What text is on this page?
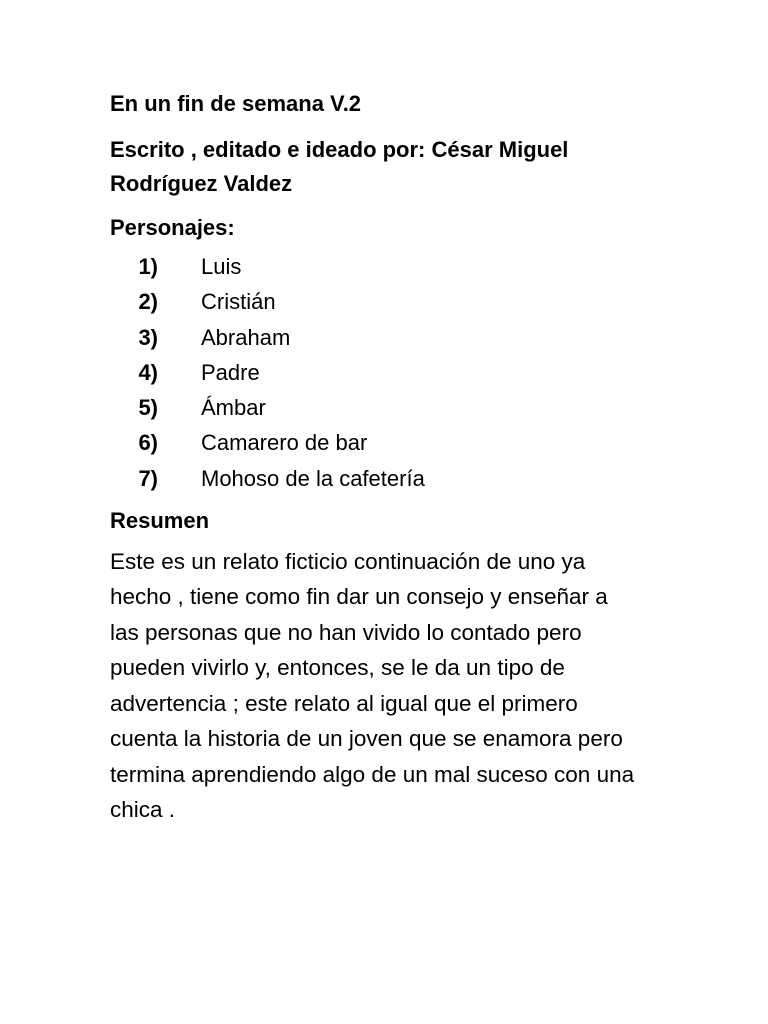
En un fin de semana V.2
Escrito , editado e ideado por: César Miguel Rodríguez Valdez
Personajes:
1) Luis
2) Cristián
3) Abraham
4) Padre
5) Ámbar
6) Camarero de bar
7) Mohoso de la cafetería
Resumen

Este es un relato ficticio continuación de uno ya hecho , tiene como fin dar un consejo y enseñar a las personas que no han vivido lo contado pero pueden vivirlo y, entonces, se le da un tipo de advertencia ; este relato al igual que el primero cuenta la historia de un joven que se enamora pero termina aprendiendo algo de un mal suceso con una chica .
